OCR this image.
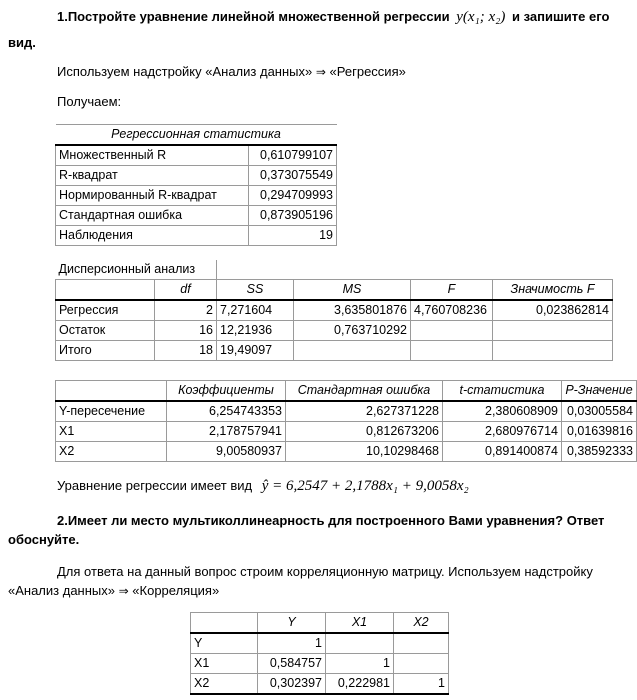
1.Постройте уравнение линейной множественной регрессии y(x₁; x₂) и запишите его
вид.
Используем надстройку «Анализ данных» ⇒ «Регрессия»
Получаем:
Регрессионная статистика	
Множественный R	0,610799107
R-квадрат	0,373075549
Нормированный R-квадрат	0,294709993
Стандартная ошибка	0,873905196
Наблюдения	19
Дисперсионный анализ					
	df	SS	MS	F	Значимость F
Регрессия	2	7,271604	3,635801876	4,760708236	0,023862814
Остаток	16	12,21936	0,763710292		
Итого	18	19,49097			
	Коэффициенты	Стандартная ошибка	t-статистика	P-Значение
Y-пересечение	6,254743353	2,627371228	2,380608909	0,03005584
X1	2,178757941	0,812673206	2,680976714	0,01639816
X2	9,00580937	10,10298468	0,891400874	0,38592333
Уравнение регрессии имеет вид ŷ = 6,2547 + 2,1788x₁ + 9,0058x₂
2.Имеет ли место мультиколлинеарность для построенного Вами уравнения? Ответ
обоснуйте.
Для ответа на данный вопрос строим корреляционную матрицу. Используем надстройку
«Анализ данных» ⇒ «Корреляция»
	Y	X1	X2
Y	1		
X1	0,584757	1	
X2	0,302397	0,222981	1
